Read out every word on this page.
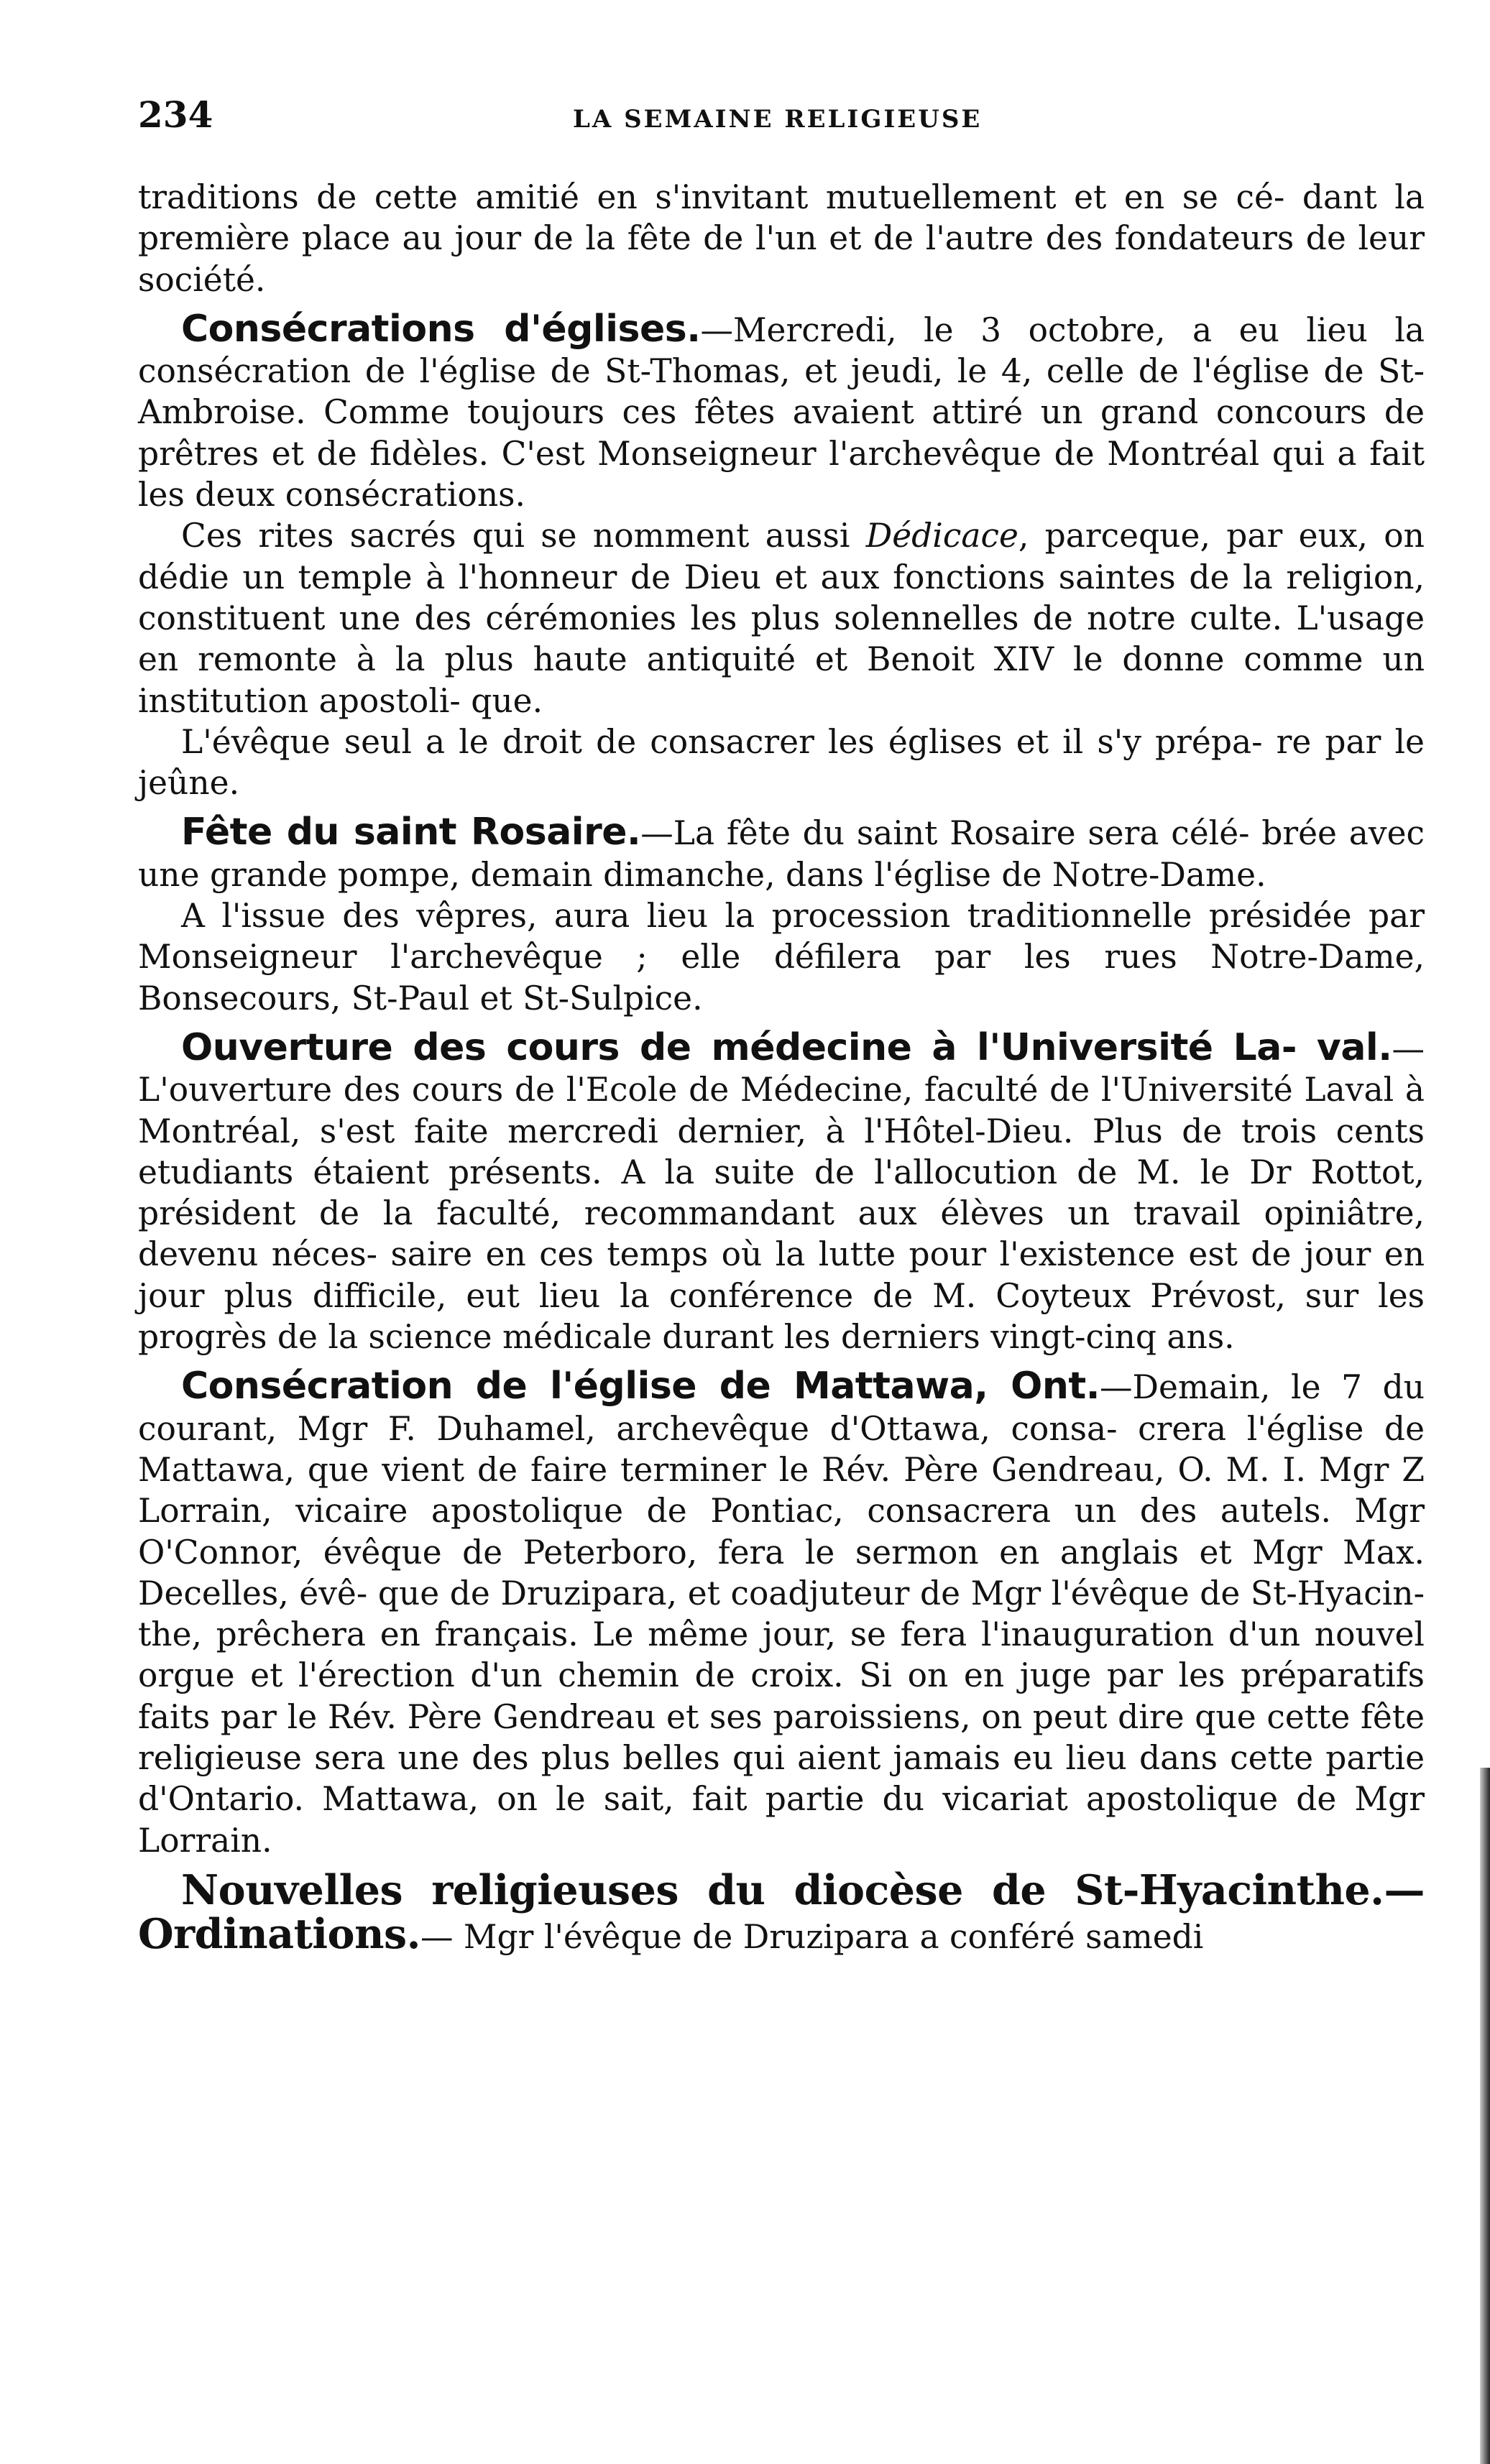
234	LA SEMAINE RELIGIEUSE

traditions de cette amitié en s'invitant mutuellement et en se cé- dant la première place au jour de la fête de l'un et de l'autre des fondateurs de leur société.

Consécrations d'églises.—Mercredi, le 3 octobre, a eu lieu la consécration de l'église de St-Thomas, et jeudi, le 4, celle de l'église de St-Ambroise. Comme toujours ces fêtes avaient attiré un grand concours de prêtres et de fidèles. C'est Monseigneur l'archevêque de Montréal qui a fait les deux consécrations.

Ces rites sacrés qui se nomment aussi Dédicace, parceque, par eux, on dédie un temple à l'honneur de Dieu et aux fonctions saintes de la religion, constituent une des cérémonies les plus solennelles de notre culte. L'usage en remonte à la plus haute antiquité et Benoit XIV le donne comme un institution apostoli- que.

L'évêque seul a le droit de consacrer les églises et il s'y prépa- re par le jeûne.

Fête du saint Rosaire.—La fête du saint Rosaire sera célé- brée avec une grande pompe, demain dimanche, dans l'église de Notre-Dame.

A l'issue des vêpres, aura lieu la procession traditionnelle présidée par Monseigneur l'archevêque ; elle défilera par les rues Notre-Dame, Bonsecours, St-Paul et St-Sulpice.

Ouverture des cours de médecine à l'Université La- val.—L'ouverture des cours de l'Ecole de Médecine, faculté de l'Université Laval à Montréal, s'est faite mercredi dernier, à l'Hôtel-Dieu. Plus de trois cents etudiants étaient présents. A la suite de l'allocution de M. le Dr Rottot, président de la faculté, recommandant aux élèves un travail opiniâtre, devenu néces- saire en ces temps où la lutte pour l'existence est de jour en jour plus difficile, eut lieu la conférence de M. Coyteux Prévost, sur les progrès de la science médicale durant les derniers vingt-cinq ans.

Consécration de l'église de Mattawa, Ont.—Demain, le 7 du courant, Mgr F. Duhamel, archevêque d'Ottawa, consa- crera l'église de Mattawa, que vient de faire terminer le Rév. Père Gendreau, O. M. I. Mgr Z Lorrain, vicaire apostolique de Pontiac, consacrera un des autels. Mgr O'Connor, évêque de Peterboro, fera le sermon en anglais et Mgr Max. Decelles, évê- que de Druzipara, et coadjuteur de Mgr l'évêque de St-Hyacin- the, prêchera en français. Le même jour, se fera l'inauguration d'un nouvel orgue et l'érection d'un chemin de croix. Si on en juge par les préparatifs faits par le Rév. Père Gendreau et ses paroissiens, on peut dire que cette fête religieuse sera une des plus belles qui aient jamais eu lieu dans cette partie d'Ontario. Mattawa, on le sait, fait partie du vicariat apostolique de Mgr Lorrain.

Nouvelles religieuses du diocèse de St-Hyacinthe.— Ordinations.— Mgr l'évêque de Druzipara a conféré samedi
